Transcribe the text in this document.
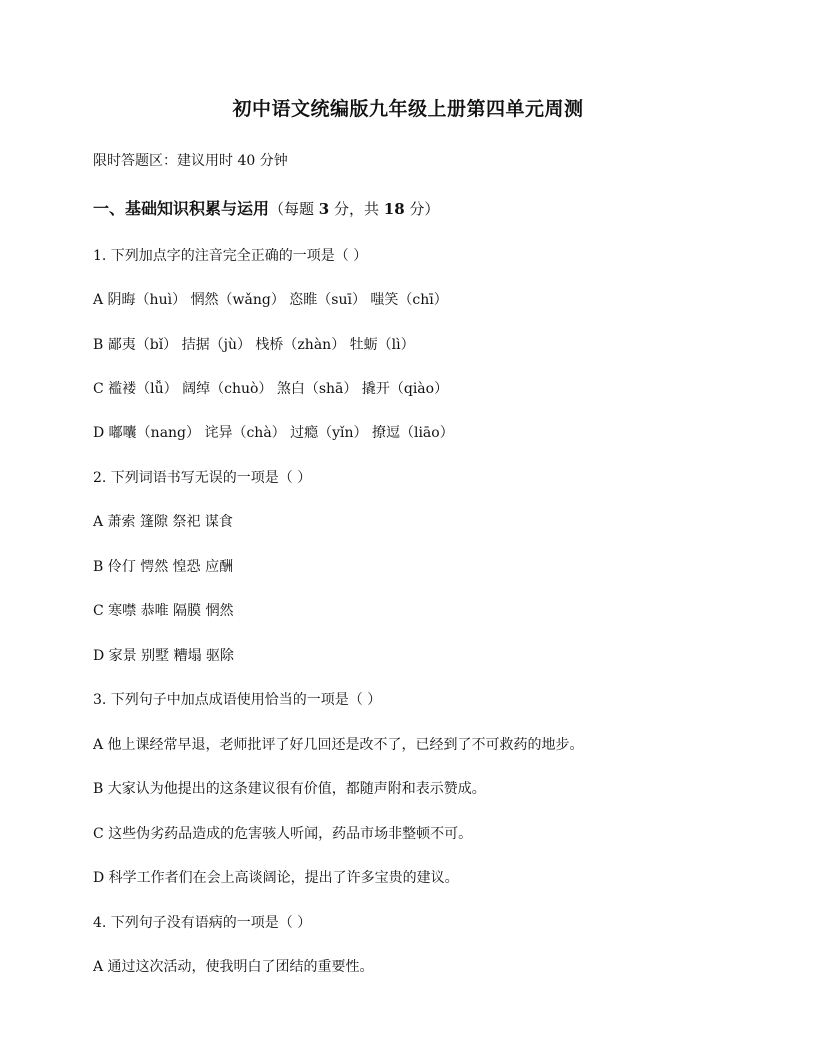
初中语文统编版九年级上册第四单元周测
限时答题区：建议用时 40 分钟
一、基础知识积累与运用（每题 3 分，共 18 分）
1. 下列加点字的注音完全正确的一项是（ ）
A 阴晦（huì） 惘然（wǎng） 恣睢（suī） 嗤笑（chī）
B 鄙夷（bǐ） 拮据（jù） 栈桥（zhàn） 牡蛎（lì）
C 褴褛（lǚ） 阔绰（chuò） 煞白（shā） 撬开（qiào）
D 嘟囔（nang） 诧异（chà） 过瘾（yǐn） 撩逗（liāo）
2. 下列词语书写无误的一项是（ ）
A 萧索 篷隙 祭祀 谋食
B 伶仃 愕然 惶恐 应酬
C 寒噤 恭唯 隔膜 惘然
D 家景 别墅 糟塌 驱除
3. 下列句子中加点成语使用恰当的一项是（ ）
A 他上课经常早退，老师批评了好几回还是改不了，已经到了不可救药的地步。
B 大家认为他提出的这条建议很有价值，都随声附和表示赞成。
C 这些伪劣药品造成的危害骇人听闻，药品市场非整顿不可。
D 科学工作者们在会上高谈阔论，提出了许多宝贵的建议。
4. 下列句子没有语病的一项是（ ）
A 通过这次活动，使我明白了团结的重要性。
